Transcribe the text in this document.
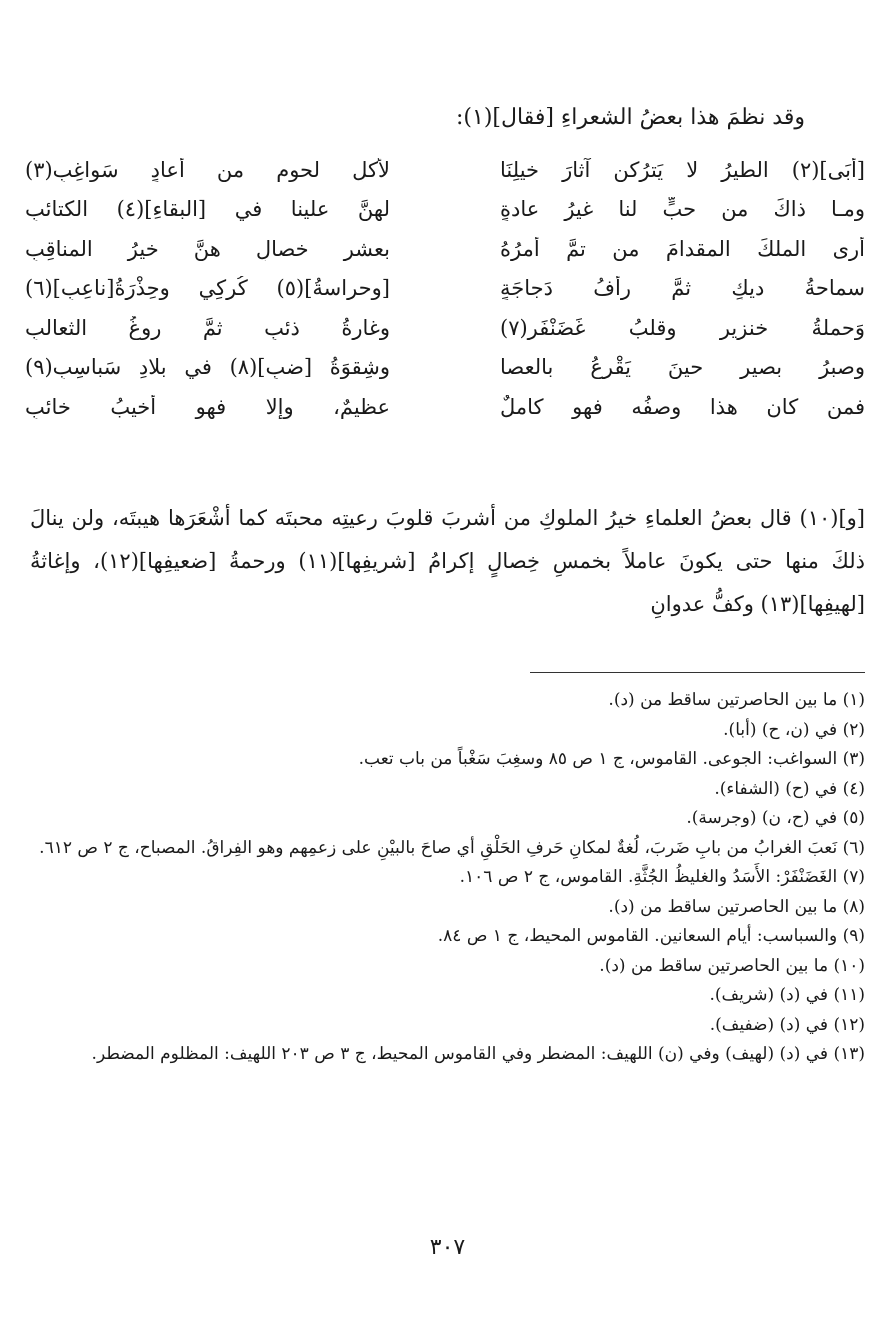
وقد نظمَ هذا بعضُ الشعراءِ [فقال](١):
[أَبَى](٢) الطيرُ لا يَترُكن آثارَ خيلِنَا
لأكلِ لحومٍ من أعادٍ سَواغِبِ(٣)
ومـا ذاكَ من حبٍّ لنا غيرُ عادةٍ
لهنَّ علينا في [البقاءِ](٤) الكتائبِ
أرى الملكَ المقدامَ من تمَّ أمرُهُ
بعشرِ خصالٍ هنَّ خيرُ المناقِبِ
سماحةُ ديكٍ ثمَّ رأفُ دَجاجَةٍ
[وحراسةُ](٥) كُركِي وحِذْرَةُ[ناعِبِ](٦)
وَحملةُ خنزيرٍ وقلبُ غَضَنْفَرٍ(٧)
وغارةُ ذئبٍ ثمَّ روغُ الثعالبِ
وصبرُ بصيرٍ حينَ يَقْرعُ بالعصا
وشِقوَةُ [ضبٍ](٨) في بلادِ سَباسِبِ(٩)
فمن كان هذا وصفُه فهو كاملٌ
عظيمٌ، وإلا فهو أخيبُ خائبِ
[و](١٠) قال بعضُ العلماءِ خيرُ الملوكِ من أشربَ قلوبَ رعيتِه محبتَه كما أشْعَرَها هيبتَه، ولن ينالَ ذلكَ منها حتى يكونَ عاملاً بخمسِ خِصالٍ إكرامُ [شريفِها](١١) ورحمةُ [ضعيفِها](١٢)، وإغاثةُ [لهيفِها](١٣) وكفُّ عدوانِ
(١) ما بين الحاصرتين ساقط من (د).
(٢) في (ن، ح) (أبا).
(٣) السواغب: الجوعى. القاموس، ج ١ ص ٨٥ وسغِبَ سَغْباً من باب تعب.
(٤) في (ح) (الشفاء).
(٥) في (ح، ن) (وجرسة).
(٦) نَعبَ الغرابُ من بابِ ضَربَ، لُغةٌ لمكانِ حَرفِ الحَلْقِ أي صاحَ بالبيْنِ على زعمِهم وهو الفِراقُ. المصباح، ج ٢ ص ٦١٢.
(٧) الغَضَنْفَرْ: الأَسَدُ والغليظُ الجُثَّةِ. القاموس، ج ٢ ص ١٠٦.
(٨) ما بين الحاصرتين ساقط من (د).
(٩) والسباسب: أيام السعانين. القاموس المحيط، ج ١ ص ٨٤.
(١٠) ما بين الحاصرتين ساقط من (د).
(١١) في (د) (شريف).
(١٢) في (د) (ضفيف).
(١٣) في (د) (لهيف) وفي (ن) اللهيف: المضطر وفي القاموس المحيط، ج ٣ ص ٢٠٣ اللهيف: المظلوم المضطر.
٣٠٧
